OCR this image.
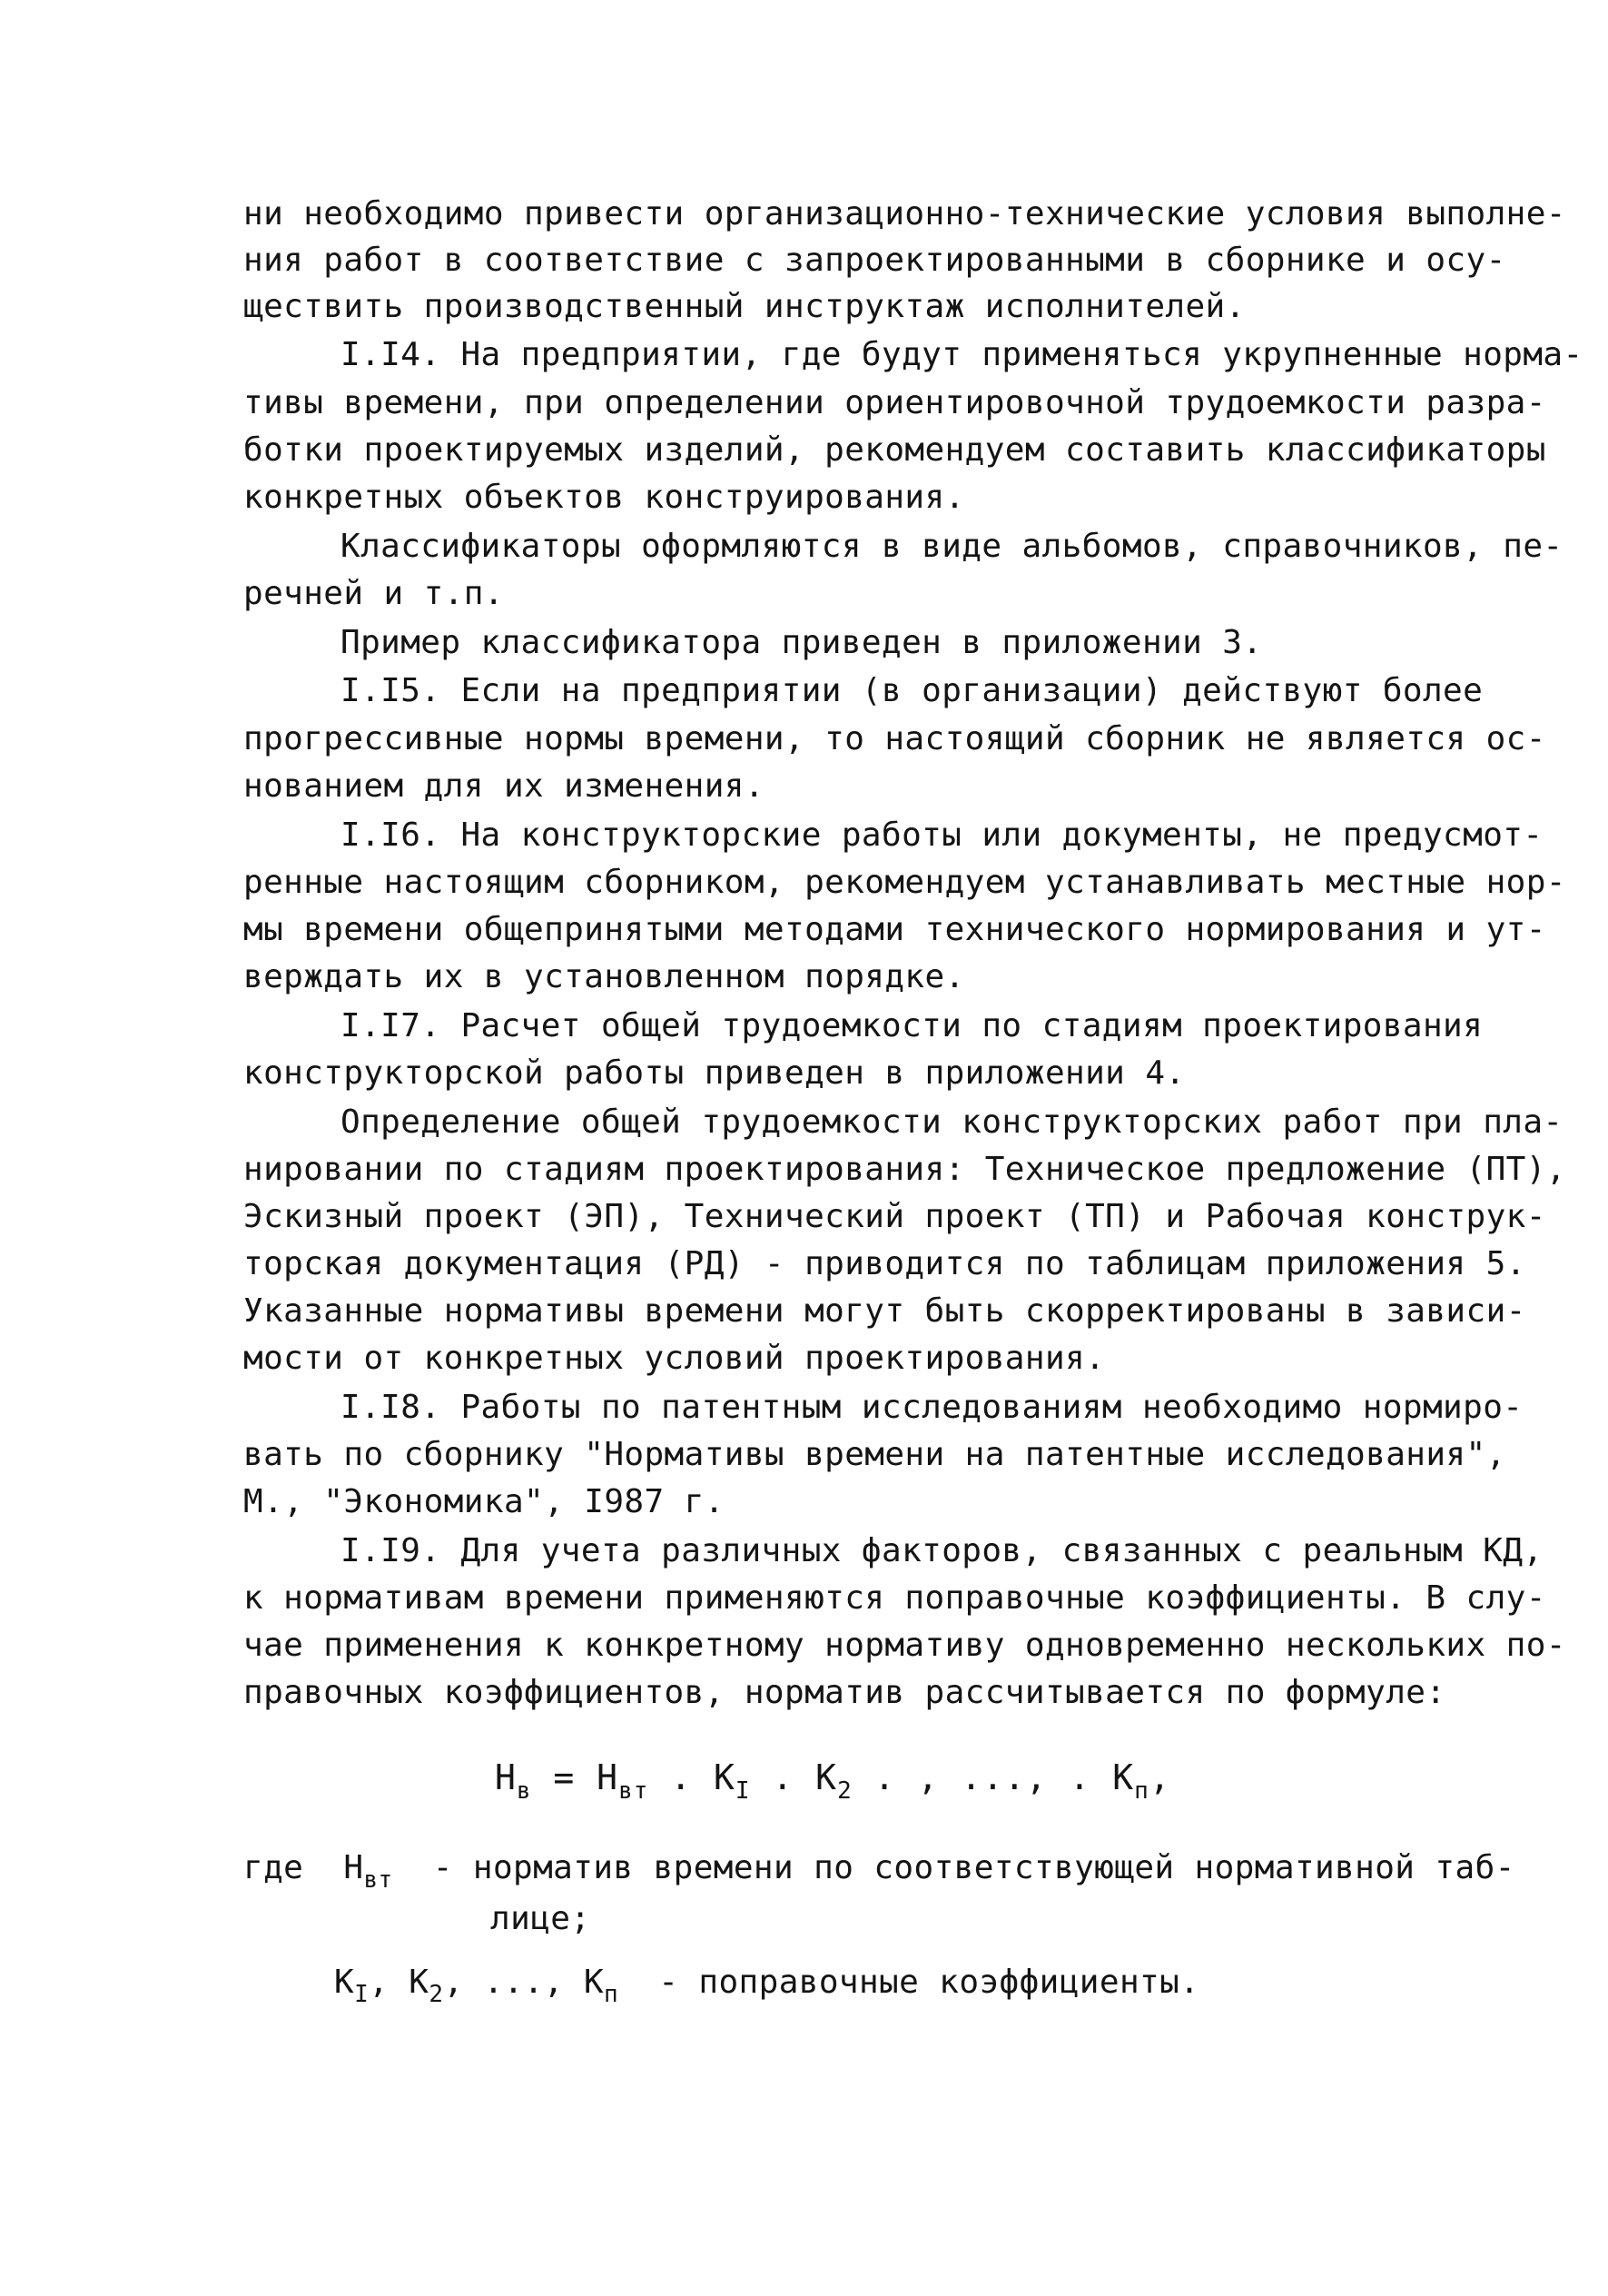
ни необходимо привести организационно-технические условия выполне-
ния работ в соответствие с запроектированными в сборнике и осу-
ществить производственный инструктаж исполнителей.
I.I4. На предприятии, где будут применяться укрупненные норма-
тивы времени, при определении ориентировочной трудоемкости разра-
ботки проектируемых изделий, рекомендуем составить классификаторы
конкретных объектов конструирования.
Классификаторы оформляются в виде альбомов, справочников, пе-
речней и т.п.
Пример классификатора приведен в приложении 3.
I.I5. Если на предприятии (в организации) действуют более
прогрессивные нормы времени, то настоящий сборник не является ос-
нованием для их изменения.
I.I6. На конструкторские работы или документы, не предусмот-
ренные настоящим сборником, рекомендуем устанавливать местные нор-
мы времени общепринятыми методами технического нормирования и ут-
верждать их в установленном порядке.
I.I7. Расчет общей трудоемкости по стадиям проектирования
конструкторской работы приведен в приложении 4.
Определение общей трудоемкости конструкторских работ при пла-
нировании по стадиям проектирования: Техническое предложение (ПТ),
Эскизный проект (ЭП), Технический проект (ТП) и Рабочая конструк-
торская документация (РД) - приводится по таблицам приложения 5.
Указанные нормативы времени могут быть скорректированы в зависи-
мости от конкретных условий проектирования.
I.I8. Работы по патентным исследованиям необходимо нормиро-
вать по сборнику "Нормативы времени на патентные исследования",
М., "Экономика", I987 г.
I.I9. Для учета различных факторов, связанных с реальным КД,
к нормативам времени применяются поправочные коэффициенты. В слу-
чае применения к конкретному нормативу одновременно нескольких по-
правочных коэффициентов, норматив рассчитывается по формуле:
$Н_в = Н_{вт}$ . $К_I$ . $К_2$ . , ..., . $К_п$,
где $Н_{вт}$ - норматив времени по соответствующей нормативной таб-
лице;
$К_I$, $К_2$, ..., $К_п$ - поправочные коэффициенты.
